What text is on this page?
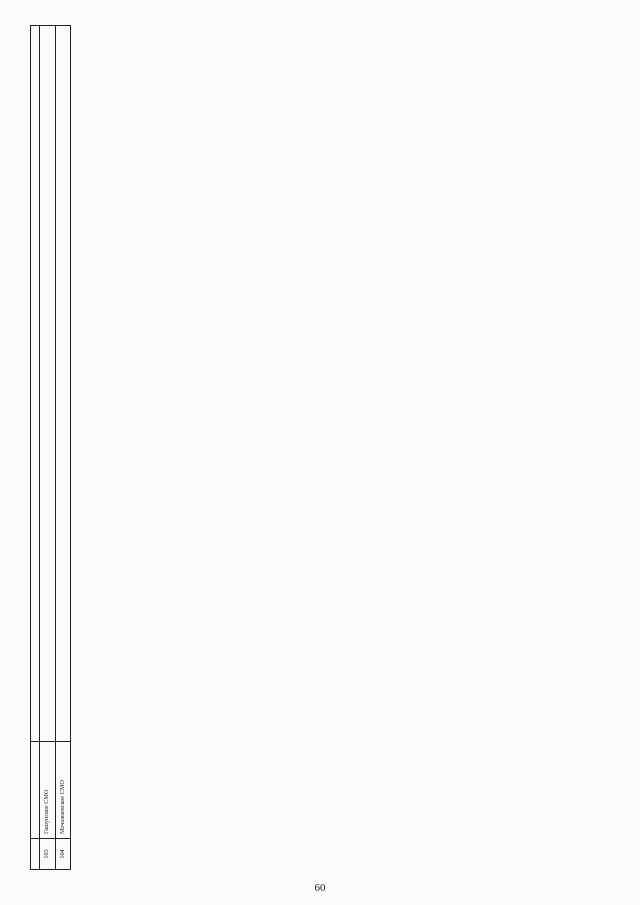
103	Гашунское СМО	

104	Мочажаевское СМО	

60
